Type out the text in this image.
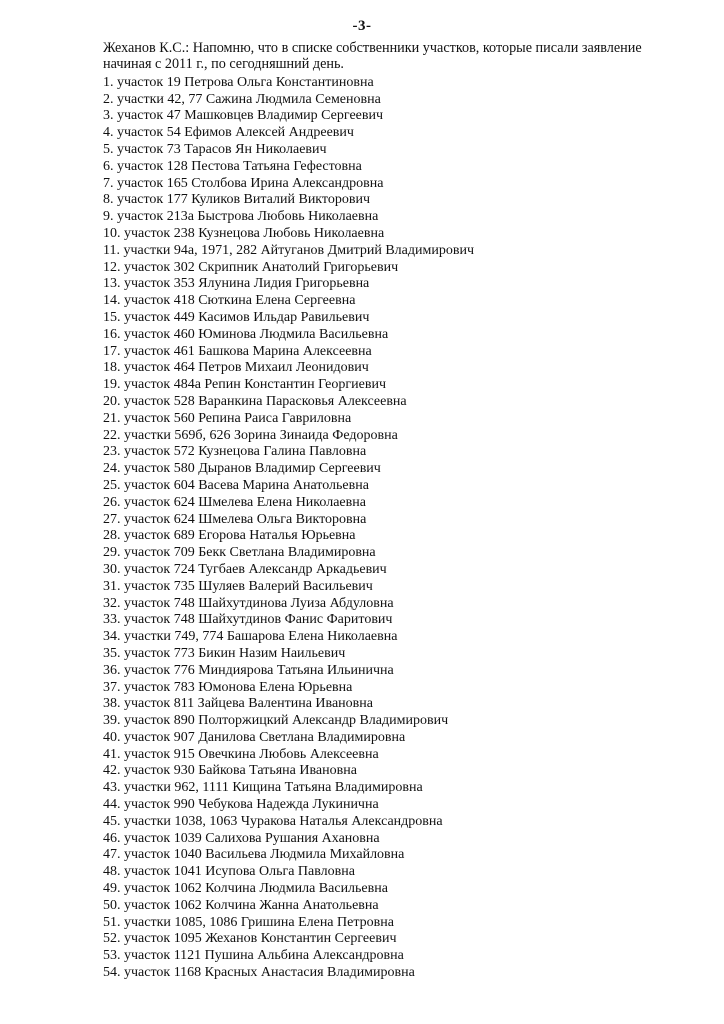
-3-

Жеханов К.С.: Напомню, что в списке собственники участков, которые писали заявление
начиная с 2011 г., по сегодняшний день.

1. участок 19 Петрова Ольга Константиновна
2. участки 42, 77 Сажина Людмила Семеновна
3. участок 47 Машковцев Владимир Сергеевич
4. участок 54 Ефимов Алексей Андреевич
5. участок 73 Тарасов Ян Николаевич
6. участок 128 Пестова Татьяна Гефестовна
7. участок 165 Столбова Ирина Александровна
8. участок 177 Куликов Виталий Викторович
9. участок 213а Быстрова Любовь Николаевна
10. участок 238 Кузнецова Любовь Николаевна
11. участки 94а, 1971, 282 Айтуганов Дмитрий Владимирович
12. участок 302 Скрипник Анатолий Григорьевич
13. участок 353 Ялунина Лидия Григорьевна
14. участок 418 Сюткина Елена Сергеевна
15. участок 449 Касимов Ильдар Равильевич
16. участок 460 Юминова Людмила Васильевна
17. участок 461 Башкова Марина Алексеевна
18. участок 464 Петров Михаил Леонидович
19. участок 484а Репин Константин Георгиевич
20. участок 528 Варанкина Парасковья Алексеевна
21. участок 560 Репина Раиса Гавриловна
22. участки 569б, 626 Зорина Зинаида Федоровна
23. участок 572 Кузнецова Галина Павловна
24. участок 580 Дыранов Владимир Сергеевич
25. участок 604 Васева Марина Анатольевна
26. участок 624 Шмелева Елена Николаевна
27. участок 624 Шмелева Ольга Викторовна
28. участок 689 Егорова Наталья Юрьевна
29. участок 709 Бекк Светлана Владимировна
30. участок 724 Тугбаев Александр Аркадьевич
31. участок 735 Шуляев Валерий Васильевич
32. участок 748 Шайхутдинова Луиза Абдуловна
33. участок 748 Шайхутдинов Фанис Фаритович
34. участки 749, 774 Башарова Елена Николаевна
35. участок 773 Бикин Назим Наильевич
36. участок 776 Миндиярова Татьяна Ильинична
37. участок 783 Юмонова Елена Юрьевна
38. участок 811 Зайцева Валентина Ивановна
39. участок 890 Полторжицкий Александр Владимирович
40. участок 907 Данилова Светлана Владимировна
41. участок 915 Овечкина Любовь Алексеевна
42. участок 930 Байкова Татьяна Ивановна
43. участки 962, 1111 Кищина Татьяна Владимировна
44. участок 990 Чебукова Надежда Лукинична
45. участки 1038, 1063 Чуракова Наталья Александровна
46. участок 1039 Салихова Рушания Ахановна
47. участок 1040 Васильева Людмила Михайловна
48. участок 1041 Исупова Ольга Павловна
49. участок 1062 Колчина Людмила Васильевна
50. участок 1062 Колчина Жанна Анатольевна
51. участки 1085, 1086 Гришина Елена Петровна
52. участок 1095 Жеханов Константин Сергеевич
53. участок 1121 Пушина Альбина Александровна
54. участок 1168 Красных Анастасия Владимировна
